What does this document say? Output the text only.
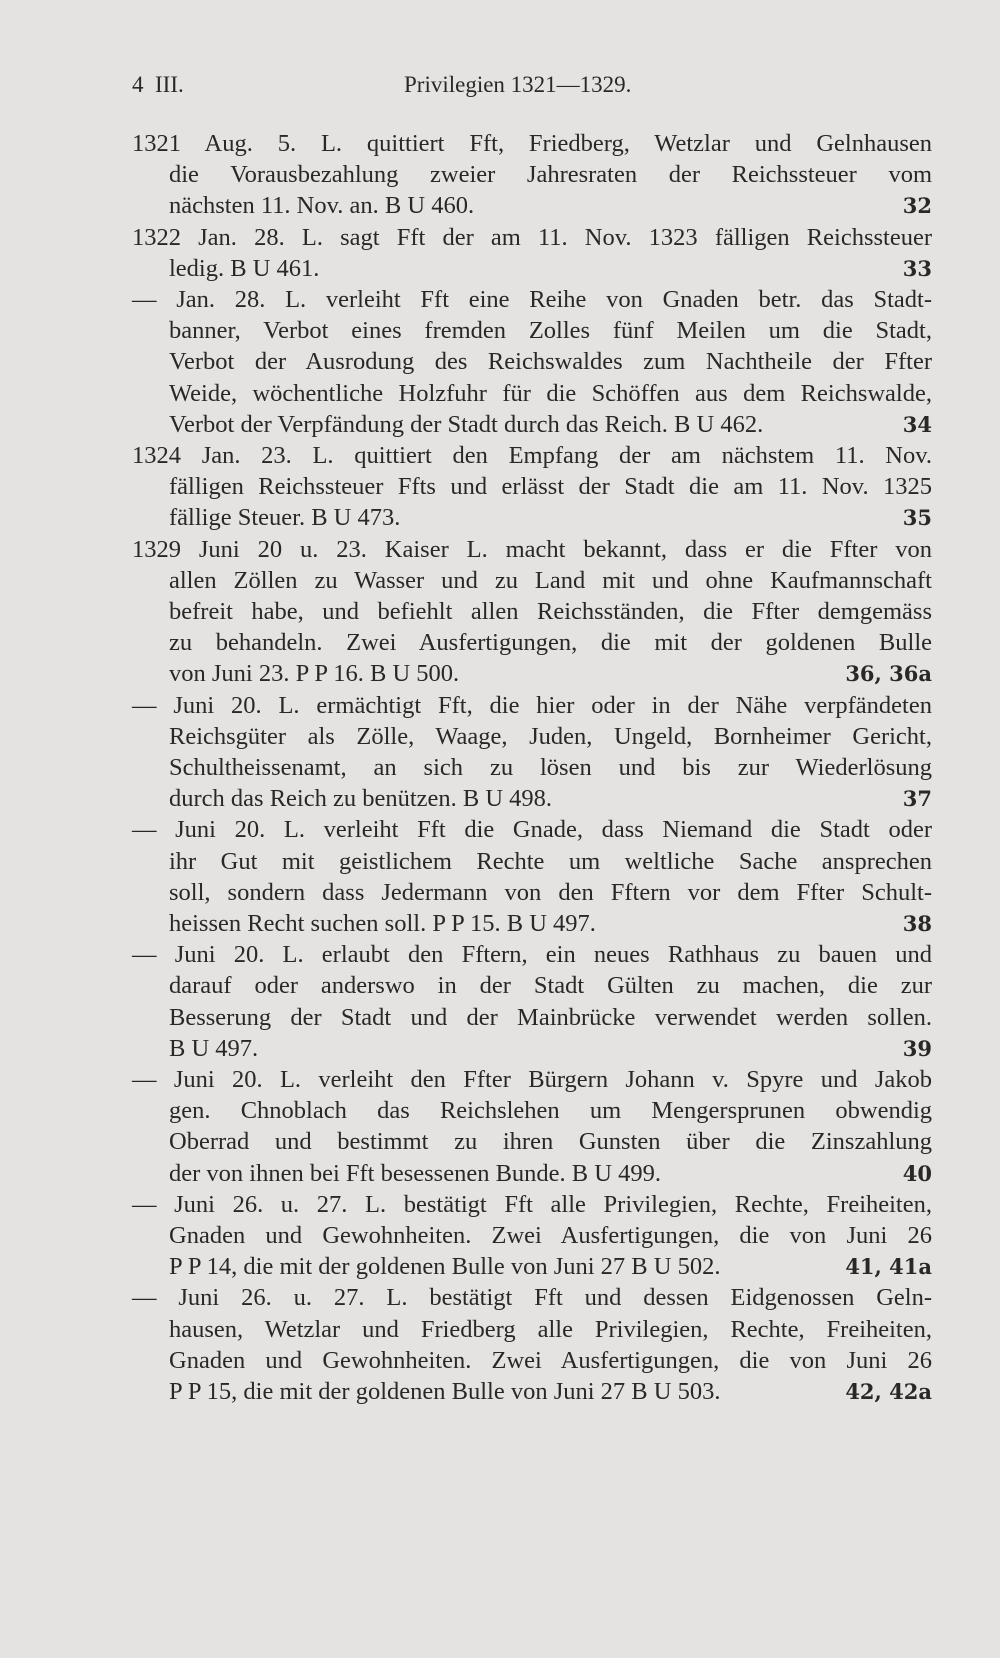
4 III.	Privilegien 1321—1329.
1321 Aug. 5. L. quittiert Fft, Friedberg, Wetzlar und Gelnhausen
die Vorausbezahlung zweier Jahresraten der Reichssteuer vom
nächsten 11. Nov. an. B U 460.	32
1322 Jan. 28. L. sagt Fft der am 11. Nov. 1323 fälligen Reichssteuer
ledig. B U 461.	33
— Jan. 28. L. verleiht Fft eine Reihe von Gnaden betr. das Stadt-
banner, Verbot eines fremden Zolles fünf Meilen um die Stadt,
Verbot der Ausrodung des Reichswaldes zum Nachtheile der Ffter
Weide, wöchentliche Holzfuhr für die Schöffen aus dem Reichswalde,
Verbot der Verpfändung der Stadt durch das Reich. B U 462.	34
1324 Jan. 23. L. quittiert den Empfang der am nächstem 11. Nov.
fälligen Reichssteuer Ffts und erlässt der Stadt die am 11. Nov. 1325
fällige Steuer. B U 473.	35
1329 Juni 20 u. 23. Kaiser L. macht bekannt, dass er die Ffter von
allen Zöllen zu Wasser und zu Land mit und ohne Kaufmannschaft
befreit habe, und befiehlt allen Reichsständen, die Ffter demgemäss
zu behandeln. Zwei Ausfertigungen, die mit der goldenen Bulle
von Juni 23. P P 16. B U 500.	36, 36a
— Juni 20. L. ermächtigt Fft, die hier oder in der Nähe verpfändeten
Reichsgüter als Zölle, Waage, Juden, Ungeld, Bornheimer Gericht,
Schultheissenamt, an sich zu lösen und bis zur Wiederlösung
durch das Reich zu benützen. B U 498.	37
— Juni 20. L. verleiht Fft die Gnade, dass Niemand die Stadt oder
ihr Gut mit geistlichem Rechte um weltliche Sache ansprechen
soll, sondern dass Jedermann von den Fftern vor dem Ffter Schult-
heissen Recht suchen soll. P P 15. B U 497.	38
— Juni 20. L. erlaubt den Fftern, ein neues Rathhaus zu bauen und
darauf oder anderswo in der Stadt Gülten zu machen, die zur
Besserung der Stadt und der Mainbrücke verwendet werden sollen.
B U 497.	39
— Juni 20. L. verleiht den Ffter Bürgern Johann v. Spyre und Jakob
gen. Chnoblach das Reichslehen um Mengersprunen obwendig
Oberrad und bestimmt zu ihren Gunsten über die Zinszahlung
der von ihnen bei Fft besessenen Bunde. B U 499.	40
— Juni 26. u. 27. L. bestätigt Fft alle Privilegien, Rechte, Freiheiten,
Gnaden und Gewohnheiten. Zwei Ausfertigungen, die von Juni 26
P P 14, die mit der goldenen Bulle von Juni 27 B U 502.	41, 41a
— Juni 26. u. 27. L. bestätigt Fft und dessen Eidgenossen Geln-
hausen, Wetzlar und Friedberg alle Privilegien, Rechte, Freiheiten,
Gnaden und Gewohnheiten. Zwei Ausfertigungen, die von Juni 26
P P 15, die mit der goldenen Bulle von Juni 27 B U 503.	42, 42a
